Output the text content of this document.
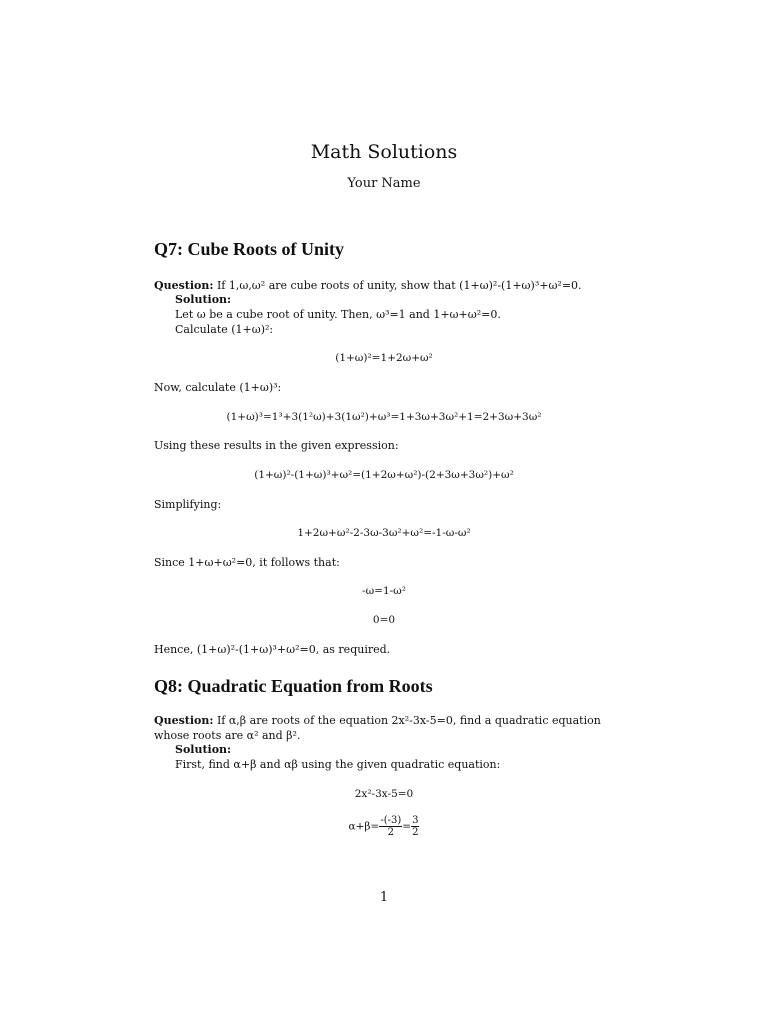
Math Solutions
Your Name
Q7: Cube Roots of Unity
Question: If 1,ω,ω² are cube roots of unity, show that (1+ω)²-(1+ω)³+ω²=0.
Solution:
Let ω be a cube root of unity. Then, ω³=1 and 1+ω+ω²=0.
Calculate (1+ω)²:
(1+ω)²=1+2ω+ω²
Now, calculate (1+ω)³:
(1+ω)³=1³+3(1²ω)+3(1ω²)+ω³=1+3ω+3ω²+1=2+3ω+3ω²
Using these results in the given expression:
(1+ω)²-(1+ω)³+ω²=(1+2ω+ω²)-(2+3ω+3ω²)+ω²
Simplifying:
1+2ω+ω²-2-3ω-3ω²+ω²=-1-ω-ω²
Since 1+ω+ω²=0, it follows that:
-ω=1-ω²
0=0
Hence, (1+ω)²-(1+ω)³+ω²=0, as required.
Q8: Quadratic Equation from Roots
Question: If α,β are roots of the equation 2x²-3x-5=0, find a quadratic equation
whose roots are α² and β².
Solution:
First, find α+β and αβ using the given quadratic equation:
2x²-3x-5=0
$\alpha+\beta= \frac{-(-3)}{2} = \frac{3}{2}$
1
